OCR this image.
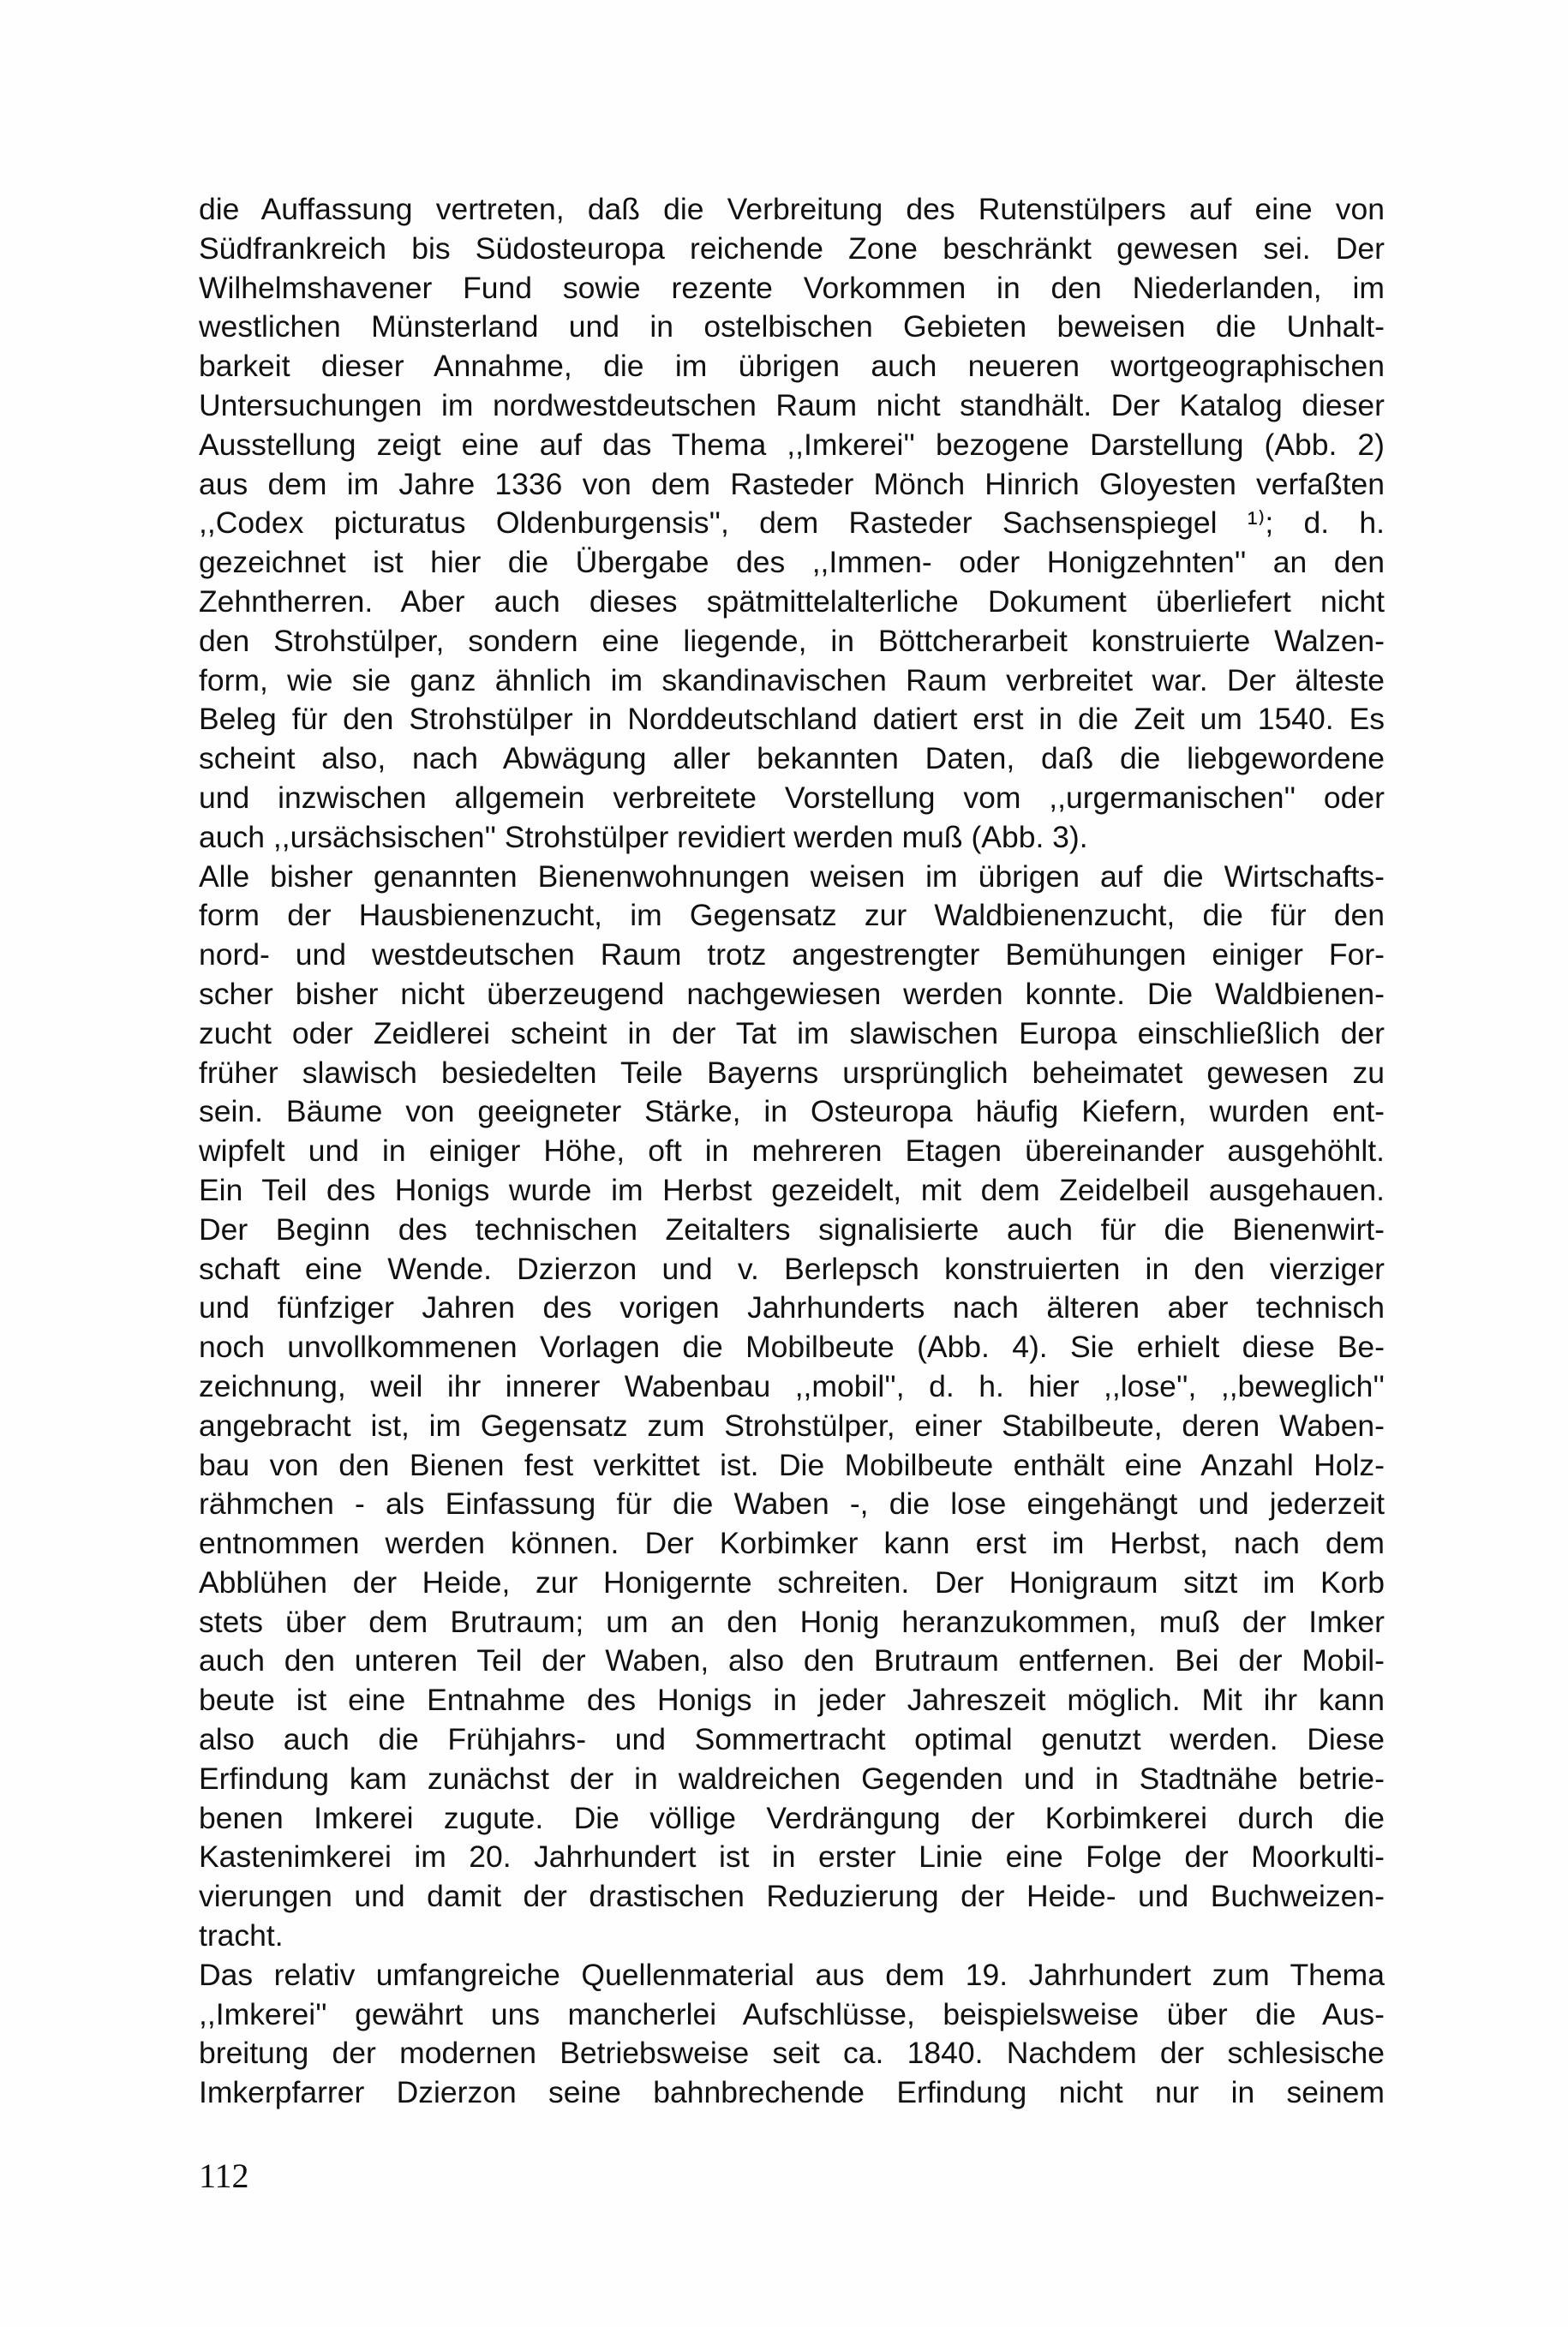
die Auffassung vertreten, daß die Verbreitung des Rutenstülpers auf eine von
Südfrankreich bis Südosteuropa reichende Zone beschränkt gewesen sei. Der
Wilhelmshavener Fund sowie rezente Vorkommen in den Niederlanden, im
westlichen Münsterland und in ostelbischen Gebieten beweisen die Unhalt-
barkeit dieser Annahme, die im übrigen auch neueren wortgeographischen
Untersuchungen im nordwestdeutschen Raum nicht standhält. Der Katalog dieser
Ausstellung zeigt eine auf das Thema ,,Imkerei'' bezogene Darstellung (Abb. 2)
aus dem im Jahre 1336 von dem Rasteder Mönch Hinrich Gloyesten verfaßten
,,Codex picturatus Oldenburgensis'', dem Rasteder Sachsenspiegel ¹⁾; d. h.
gezeichnet ist hier die Übergabe des ,,Immen- oder Honigzehnten'' an den
Zehntherren. Aber auch dieses spätmittelalterliche Dokument überliefert nicht
den Strohstülper, sondern eine liegende, in Böttcherarbeit konstruierte Walzen-
form, wie sie ganz ähnlich im skandinavischen Raum verbreitet war. Der älteste
Beleg für den Strohstülper in Norddeutschland datiert erst in die Zeit um 1540. Es
scheint also, nach Abwägung aller bekannten Daten, daß die liebgewordene
und inzwischen allgemein verbreitete Vorstellung vom ,,urgermanischen'' oder
auch ,,ursächsischen'' Strohstülper revidiert werden muß (Abb. 3).
Alle bisher genannten Bienenwohnungen weisen im übrigen auf die Wirtschafts-
form der Hausbienenzucht, im Gegensatz zur Waldbienenzucht, die für den
nord- und westdeutschen Raum trotz angestrengter Bemühungen einiger For-
scher bisher nicht überzeugend nachgewiesen werden konnte. Die Waldbienen-
zucht oder Zeidlerei scheint in der Tat im slawischen Europa einschließlich der
früher slawisch besiedelten Teile Bayerns ursprünglich beheimatet gewesen zu
sein. Bäume von geeigneter Stärke, in Osteuropa häufig Kiefern, wurden ent-
wipfelt und in einiger Höhe, oft in mehreren Etagen übereinander ausgehöhlt.
Ein Teil des Honigs wurde im Herbst gezeidelt, mit dem Zeidelbeil ausgehauen.
Der Beginn des technischen Zeitalters signalisierte auch für die Bienenwirt-
schaft eine Wende. Dzierzon und v. Berlepsch konstruierten in den vierziger
und fünfziger Jahren des vorigen Jahrhunderts nach älteren aber technisch
noch unvollkommenen Vorlagen die Mobilbeute (Abb. 4). Sie erhielt diese Be-
zeichnung, weil ihr innerer Wabenbau ,,mobil'', d. h. hier ,,lose'', ,,beweglich''
angebracht ist, im Gegensatz zum Strohstülper, einer Stabilbeute, deren Waben-
bau von den Bienen fest verkittet ist. Die Mobilbeute enthält eine Anzahl Holz-
rähmchen - als Einfassung für die Waben -, die lose eingehängt und jederzeit
entnommen werden können. Der Korbimker kann erst im Herbst, nach dem
Abblühen der Heide, zur Honigernte schreiten. Der Honigraum sitzt im Korb
stets über dem Brutraum; um an den Honig heranzukommen, muß der Imker
auch den unteren Teil der Waben, also den Brutraum entfernen. Bei der Mobil-
beute ist eine Entnahme des Honigs in jeder Jahreszeit möglich. Mit ihr kann
also auch die Frühjahrs- und Sommertracht optimal genutzt werden. Diese
Erfindung kam zunächst der in waldreichen Gegenden und in Stadtnähe betrie-
benen Imkerei zugute. Die völlige Verdrängung der Korbimkerei durch die
Kastenimkerei im 20. Jahrhundert ist in erster Linie eine Folge der Moorkulti-
vierungen und damit der drastischen Reduzierung der Heide- und Buchweizen-
tracht.
Das relativ umfangreiche Quellenmaterial aus dem 19. Jahrhundert zum Thema
,,Imkerei'' gewährt uns mancherlei Aufschlüsse, beispielsweise über die Aus-
breitung der modernen Betriebsweise seit ca. 1840. Nachdem der schlesische
Imkerpfarrer Dzierzon seine bahnbrechende Erfindung nicht nur in seinem
112
